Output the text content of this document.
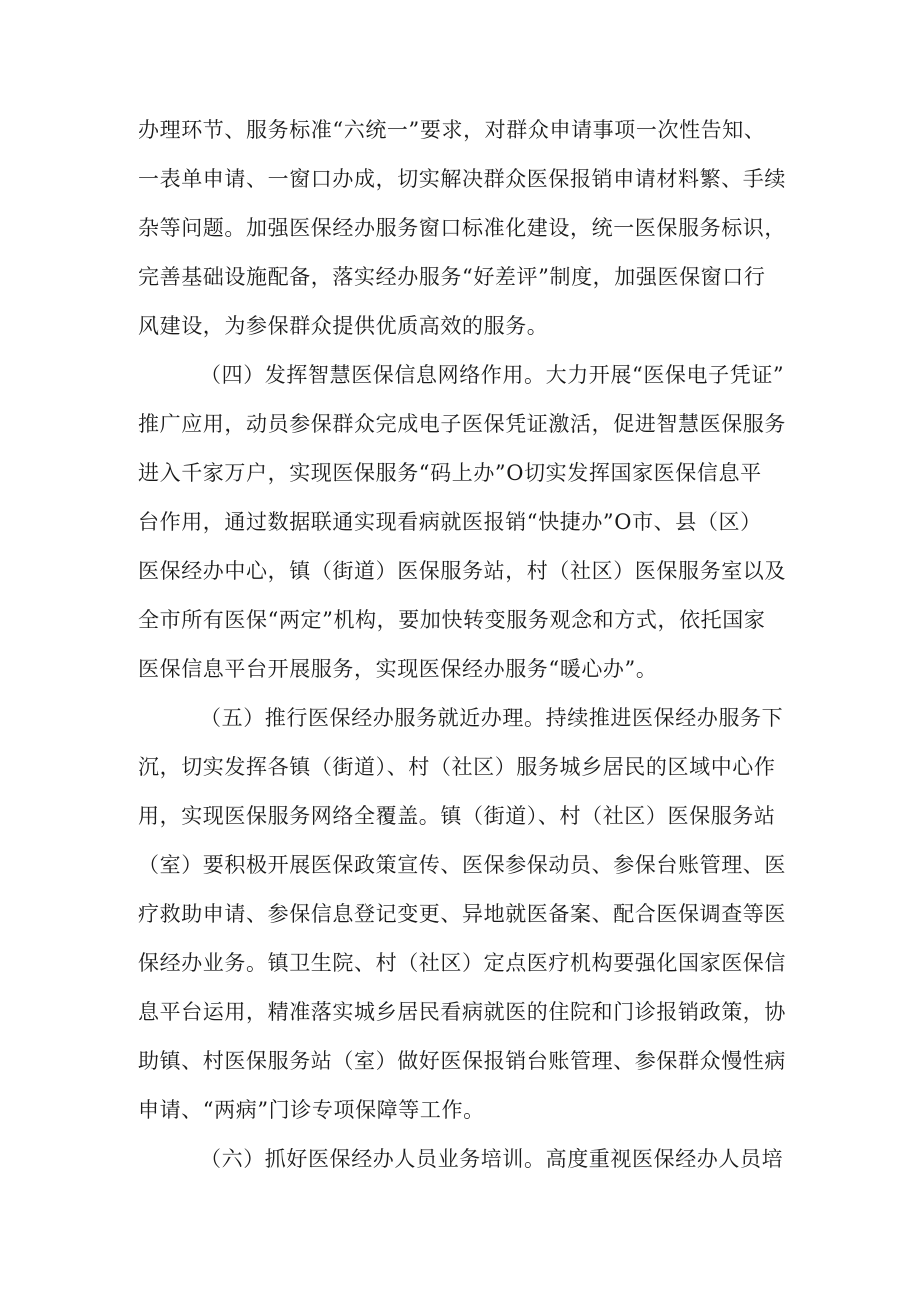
办理环节、服务标准“六统一”要求，对群众申请事项一次性告知、
一表单申请、一窗口办成，切实解决群众医保报销申请材料繁、手续
杂等问题。加强医保经办服务窗口标准化建设，统一医保服务标识，
完善基础设施配备，落实经办服务“好差评”制度，加强医保窗口行
风建设，为参保群众提供优质高效的服务。
（四）发挥智慧医保信息网络作用。大力开展“医保电子凭证”
推广应用，动员参保群众完成电子医保凭证激活，促进智慧医保服务
进入千家万户，实现医保服务“码上办”O切实发挥国家医保信息平
台作用，通过数据联通实现看病就医报销“快捷办”O市、县（区）
医保经办中心，镇（街道）医保服务站，村（社区）医保服务室以及
全市所有医保“两定”机构，要加快转变服务观念和方式，依托国家
医保信息平台开展服务，实现医保经办服务“暖心办”。
（五）推行医保经办服务就近办理。持续推进医保经办服务下
沉，切实发挥各镇（街道）、村（社区）服务城乡居民的区域中心作
用，实现医保服务网络全覆盖。镇（街道）、村（社区）医保服务站
（室）要积极开展医保政策宣传、医保参保动员、参保台账管理、医
疗救助申请、参保信息登记变更、异地就医备案、配合医保调查等医
保经办业务。镇卫生院、村（社区）定点医疗机构要强化国家医保信
息平台运用，精准落实城乡居民看病就医的住院和门诊报销政策，协
助镇、村医保服务站（室）做好医保报销台账管理、参保群众慢性病
申请、“两病”门诊专项保障等工作。
（六）抓好医保经办人员业务培训。高度重视医保经办人员培
